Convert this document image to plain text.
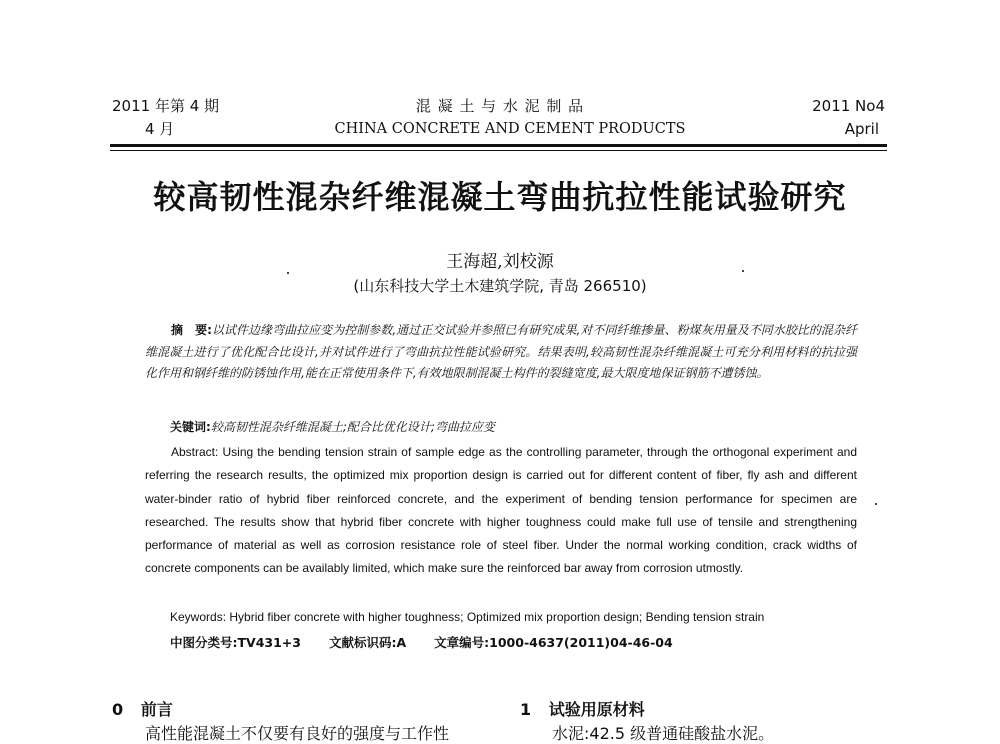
2011 年第 4 期
4 月
混 凝 土 与 水 泥 制 品
CHINA CONCRETE AND CEMENT PRODUCTS
2011 No4
April
较高韧性混杂纤维混凝土弯曲抗拉性能试验研究
王海超,刘校源
(山东科技大学土木建筑学院, 青岛 266510)
摘　要:以试件边缘弯曲拉应变为控制参数,通过正交试验并参照已有研究成果,对不同纤维掺量、粉煤灰用量及不同水胶比的混杂纤维混凝土进行了优化配合比设计,并对试件进行了弯曲抗拉性能试验研究。结果表明,较高韧性混杂纤维混凝土可充分利用材料的抗拉强化作用和钢纤维的防锈蚀作用,能在正常使用条件下,有效地限制混凝土构件的裂缝宽度,最大限度地保证钢筋不遭锈蚀。
关键词:较高韧性混杂纤维混凝土;配合比优化设计;弯曲拉应变
Abstract: Using the bending tension strain of sample edge as the controlling parameter, through the orthogonal experiment and referring the research results, the optimized mix proportion design is carried out for different content of fiber, fly ash and different water-binder ratio of hybrid fiber reinforced concrete, and the experiment of bending tension performance for specimen are researched. The results show that hybrid fiber concrete with higher toughness could make full use of tensile and strengthening performance of material as well as corrosion resistance role of steel fiber. Under the normal working condition, crack widths of concrete components can be availably limited, which make sure the reinforced bar away from corrosion utmostly.
Keywords: Hybrid fiber concrete with higher toughness; Optimized mix proportion design; Bending tension strain
中图分类号:TV431+3 文献标识码:A 文章编号:1000-4637(2011)04-46-04
0 前言
高性能混凝土不仅要有良好的强度与工作性
1 试验用原材料
水泥:42.5 级普通硅酸盐水泥。
